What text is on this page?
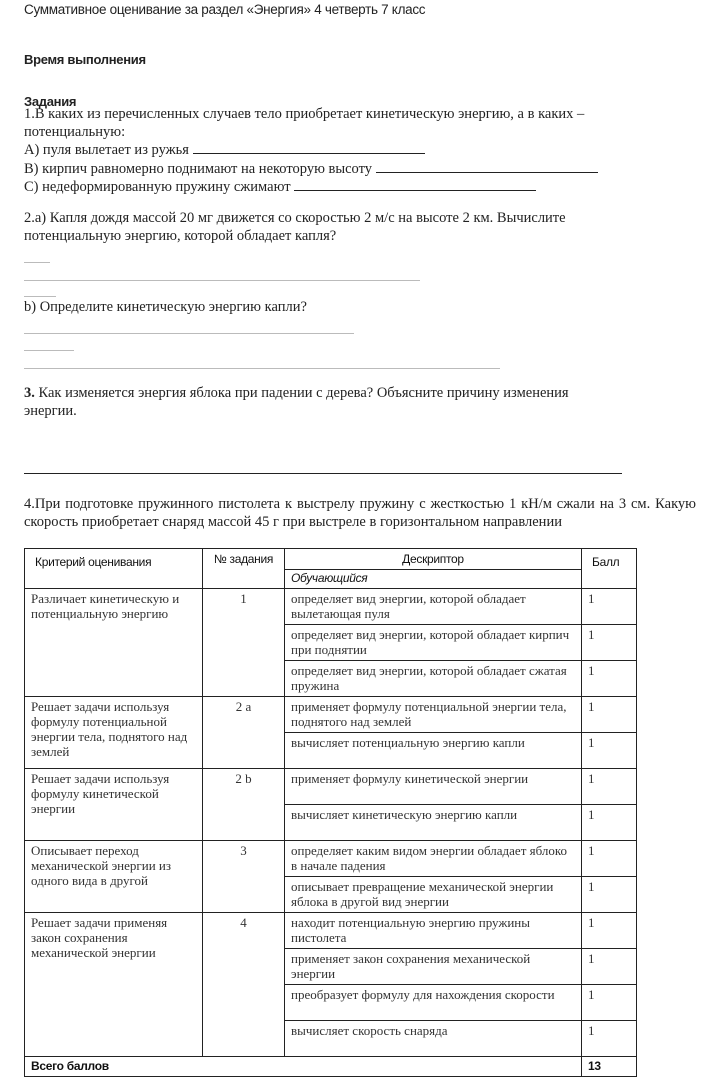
Суммативное оценивание за раздел «Энергия» 4 четверть 7 класс
Время выполнения
Задания
1.В каких из перечисленных случаев тело приобретает кинетическую энергию, а в каких – потенциальную:
А) пуля вылетает из ружья
В) кирпич равномерно поднимают на некоторую высоту
С) недеформированную пружину сжимают
2.а) Капля дождя массой 20 мг движется со скоростью 2 м/с на высоте 2 км. Вычислите потенциальную энергию, которой обладает капля?
b) Определите кинетическую энергию капли?
3. Как изменяется энергия яблока при падении с дерева? Объясните причину изменения энергии.
4.При подготовке пружинного пистолета к выстрелу пружину с жесткостью 1 кН/м сжали на 3 см. Какую скорость приобретает снаряд массой 45 г при выстреле в горизонтальном направлении
Критерий оценивания	№ задания	Дескриптор	Балл
		Обучающийся	
Различает кинетическую и потенциальную энергию	1	определяет вид энергии, которой обладает вылетающая пуля	1
		определяет вид энергии, которой обладает кирпич при поднятии	1
		определяет вид энергии, которой обладает сжатая пружина	1
Решает задачи используя формулу потенциальной энергии тела, поднятого над землей	2 а	применяет формулу потенциальной энергии тела, поднятого над землей	1
		вычисляет потенциальную энергию капли	1
Решает задачи используя формулу кинетической энергии	2 b	применяет формулу кинетической энергии	1
		вычисляет кинетическую энергию капли	1
Описывает переход механической энергии из одного вида в другой	3	определяет каким видом энергии обладает яблоко в начале падения	1
		описывает превращение механической энергии яблока в другой вид энергии	1
Решает задачи применяя закон сохранения механической энергии	4	находит потенциальную энергию пружины пистолета	1
		применяет закон сохранения механической энергии	1
		преобразует формулу для нахождения скорости	1
		вычисляет скорость снаряда	1
Всего баллов			13
